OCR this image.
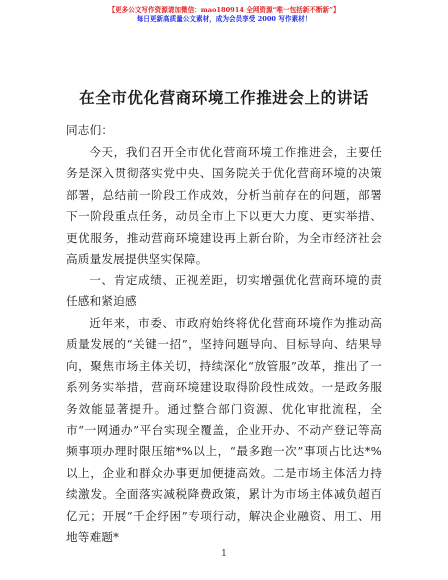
【更多公文写作资源请加微信：mao180914 全网资源“唯一包括新不断新”】
每日更新高质量公文素材，成为会员享受 2000 写作素材！
在全市优化营商环境工作推进会上的讲话

同志们：

今天，我们召开全市优化营商环境工作推进会，主要任务是深入贯彻落实党中央、国务院关于优化营商环境的决策部署，总结前一阶段工作成效，分析当前存在的问题，部署下一阶段重点任务，动员全市上下以更大力度、更实举措、更优服务，推动营商环境建设再上新台阶，为全市经济社会高质量发展提供坚实保障。

一、肯定成绩、正视差距，切实增强优化营商环境的责任感和紧迫感

近年来，市委、市政府始终将优化营商环境作为推动高质量发展的“关键一招”，坚持问题导向、目标导向、结果导向，聚焦市场主体关切，持续深化“放管服”改革，推出了一系列务实举措，营商环境建设取得阶段性成效。一是政务服务效能显著提升。通过整合部门资源、优化审批流程，全市“一网通办”平台实现全覆盖，企业开办、不动产登记等高频事项办理时限压缩*%以上，“最多跑一次”事项占比达*%以上，企业和群众办事更加便捷高效。二是市场主体活力持续激发。全面落实减税降费政策，累计为市场主体减负超百亿元；开展“千企纾困”专项行动，解决企业融资、用工、用地等难题*

1
